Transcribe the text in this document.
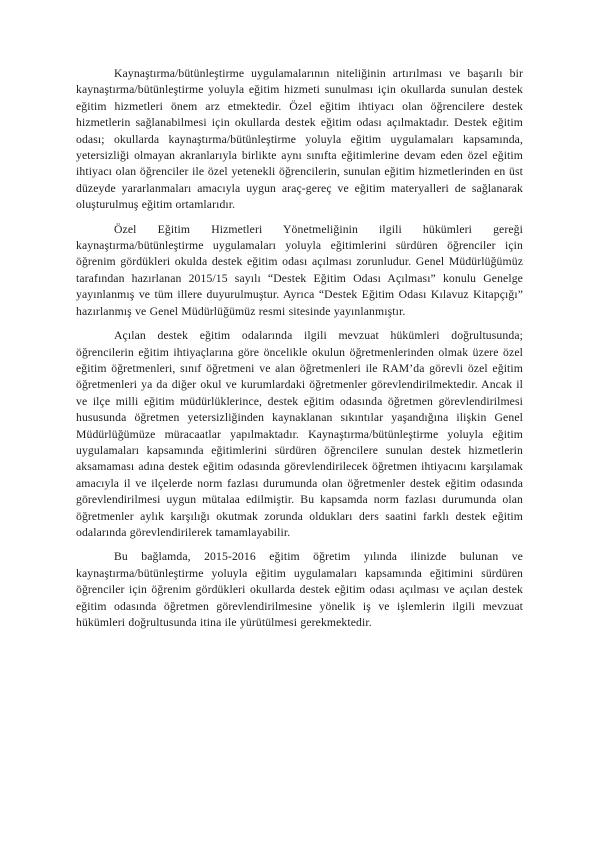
Kaynaştırma/bütünleştirme uygulamalarının niteliğinin artırılması ve başarılı bir kaynaştırma/bütünleştirme yoluyla eğitim hizmeti sunulması için okullarda sunulan destek eğitim hizmetleri önem arz etmektedir. Özel eğitim ihtiyacı olan öğrencilere destek hizmetlerin sağlanabilmesi için okullarda destek eğitim odası açılmaktadır. Destek eğitim odası; okullarda kaynaştırma/bütünleştirme yoluyla eğitim uygulamaları kapsamında, yetersizliği olmayan akranlarıyla birlikte aynı sınıfta eğitimlerine devam eden özel eğitim ihtiyacı olan öğrenciler ile özel yetenekli öğrencilerin, sunulan eğitim hizmetlerinden en üst düzeyde yararlanmaları amacıyla uygun araç-gereç ve eğitim materyalleri de sağlanarak oluşturulmuş eğitim ortamlarıdır.

Özel Eğitim Hizmetleri Yönetmeliğinin ilgili hükümleri gereği kaynaştırma/bütünleştirme uygulamaları yoluyla eğitimlerini sürdüren öğrenciler için öğrenim gördükleri okulda destek eğitim odası açılması zorunludur. Genel Müdürlüğümüz tarafından hazırlanan 2015/15 sayılı “Destek Eğitim Odası Açılması” konulu Genelge yayınlanmış ve tüm illere duyurulmuştur. Ayrıca “Destek Eğitim Odası Kılavuz Kitapçığı” hazırlanmış ve Genel Müdürlüğümüz resmi sitesinde yayınlanmıştır.

Açılan destek eğitim odalarında ilgili mevzuat hükümleri doğrultusunda; öğrencilerin eğitim ihtiyaçlarına göre öncelikle okulun öğretmenlerinden olmak üzere özel eğitim öğretmenleri, sınıf öğretmeni ve alan öğretmenleri ile RAM’da görevli özel eğitim öğretmenleri ya da diğer okul ve kurumlardaki öğretmenler görevlendirilmektedir. Ancak il ve ilçe milli eğitim müdürlüklerince, destek eğitim odasında öğretmen görevlendirilmesi hususunda öğretmen yetersizliğinden kaynaklanan sıkıntılar yaşandığına ilişkin Genel Müdürlüğümüze müracaatlar yapılmaktadır. Kaynaştırma/bütünleştirme yoluyla eğitim uygulamaları kapsamında eğitimlerini sürdüren öğrencilere sunulan destek hizmetlerin aksamaması adına destek eğitim odasında görevlendirilecek öğretmen ihtiyacını karşılamak amacıyla il ve ilçelerde norm fazlası durumunda olan öğretmenler destek eğitim odasında görevlendirilmesi uygun mütalaa edilmiştir. Bu kapsamda norm fazlası durumunda olan öğretmenler aylık karşılığı okutmak zorunda oldukları ders saatini farklı destek eğitim odalarında görevlendirilerek tamamlayabilir.

Bu bağlamda, 2015-2016 eğitim öğretim yılında ilinizde bulunan ve kaynaştırma/bütünleştirme yoluyla eğitim uygulamaları kapsamında eğitimini sürdüren öğrenciler için öğrenim gördükleri okullarda destek eğitim odası açılması ve açılan destek eğitim odasında öğretmen görevlendirilmesine yönelik iş ve işlemlerin ilgili mevzuat hükümleri doğrultusunda itina ile yürütülmesi gerekmektedir.
